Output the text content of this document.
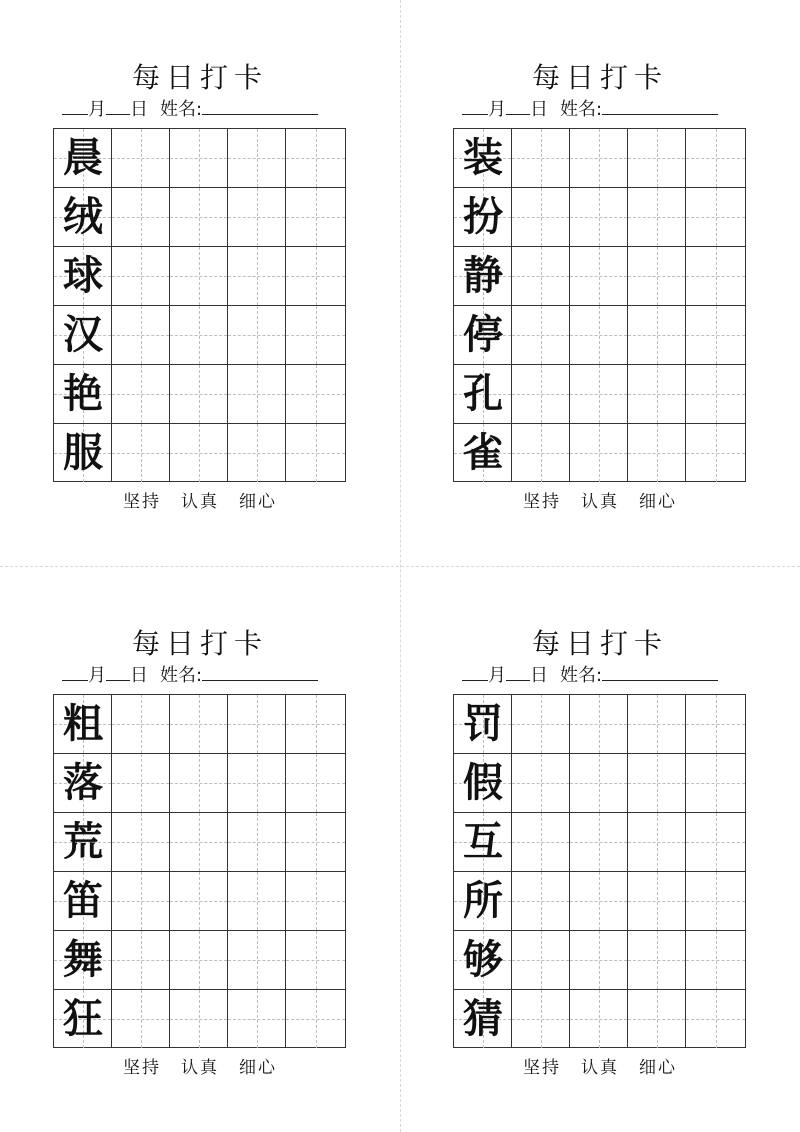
每日打卡
月 日 姓名:
晨
绒
球
汉
艳
服
坚持 认真 细心
每日打卡
月 日 姓名:
装
扮
静
停
孔
雀
坚持 认真 细心
每日打卡
月 日 姓名:
粗
落
荒
笛
舞
狂
坚持 认真 细心
每日打卡
月 日 姓名:
罚
假
互
所
够
猜
坚持 认真 细心
